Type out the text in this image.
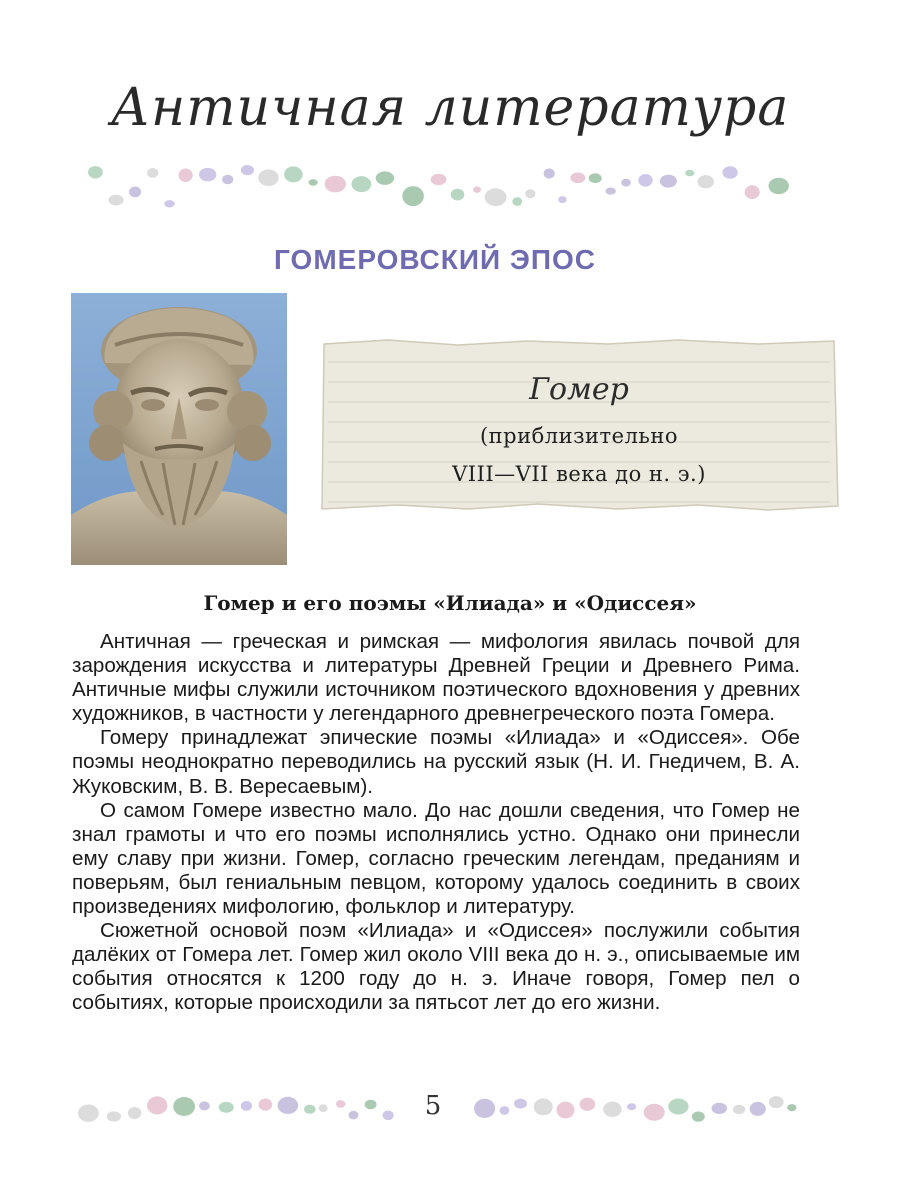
Античная литература
ГОМЕРОВСКИЙ ЭПОС
Гомер
(приблизительно
VIII—VII века до н. э.)
Гомер и его поэмы «Илиада» и «Одиссея»

Античная — греческая и римская — мифология явилась почвой для зарождения искусства и литературы Древней Греции и Древнего Рима. Античные мифы служили источником поэтического вдохновения у древних художников, в частности у легендарного древнегреческого поэта Гомера.

Гомеру принадлежат эпические поэмы «Илиада» и «Одиссея». Обе поэмы неоднократно переводились на русский язык (Н. И. Гнедичем, В. А. Жуковским, В. В. Вересаевым).

О самом Гомере известно мало. До нас дошли сведения, что Гомер не знал грамоты и что его поэмы исполнялись устно. Однако они принесли ему славу при жизни. Гомер, согласно греческим легендам, преданиям и поверьям, был гениальным певцом, которому удалось соединить в своих произведениях мифологию, фольклор и литературу.

Сюжетной основой поэм «Илиада» и «Одиссея» послужили события далёких от Гомера лет. Гомер жил около VIII века до н. э., описываемые им события относятся к 1200 году до н. э. Иначе говоря, Гомер пел о событиях, которые происходили за пятьсот лет до его жизни.

5
